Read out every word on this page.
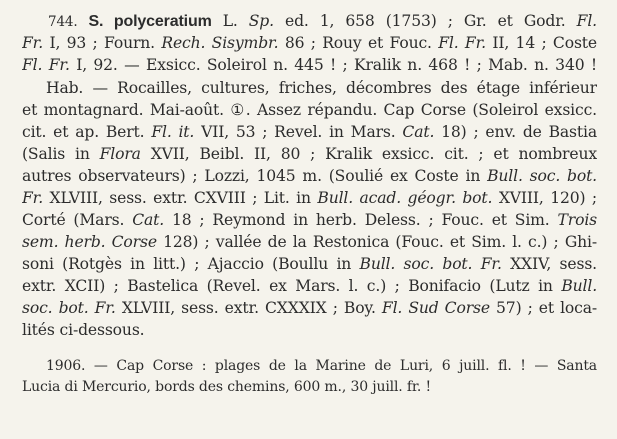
744. S. polyceratium L. Sp. ed. 1, 658 (1753) ; Gr. et Godr. Fl.
Fr. I, 93 ; Fourn. Rech. Sisymbr. 86 ; Rouy et Fouc. Fl. Fr. II, 14 ; Coste
Fl. Fr. I, 92. — Exsicc. Soleirol n. 445 ! ; Kralik n. 468 ! ; Mab. n. 340 !
Hab. — Rocailles, cultures, friches, décombres des étage inférieur
et montagnard. Mai-août. ①. Assez répandu. Cap Corse (Soleirol exsicc.
cit. et ap. Bert. Fl. it. VII, 53 ; Revel. in Mars. Cat. 18) ; env. de Bastia
(Salis in Flora XVII, Beibl. II, 80 ; Kralik exsicc. cit. ; et nombreux
autres observateurs) ; Lozzi, 1045 m. (Soulié ex Coste in Bull. soc. bot.
Fr. XLVIII, sess. extr. CXVIII ; Lit. in Bull. acad. géogr. bot. XVIII, 120) ;
Corté (Mars. Cat. 18 ; Reymond in herb. Deless. ; Fouc. et Sim. Trois
sem. herb. Corse 128) ; vallée de la Restonica (Fouc. et Sim. l. c.) ; Ghi-
soni (Rotgès in litt.) ; Ajaccio (Boullu in Bull. soc. bot. Fr. XXIV, sess.
extr. XCII) ; Bastelica (Revel. ex Mars. l. c.) ; Bonifacio (Lutz in Bull.
soc. bot. Fr. XLVIII, sess. extr. CXXXIX ; Boy. Fl. Sud Corse 57) ; et loca-
lités ci-dessous.
1906. — Cap Corse : plages de la Marine de Luri, 6 juill. fl. ! — Santa
Lucia di Mercurio, bords des chemins, 600 m., 30 juill. fr. !
